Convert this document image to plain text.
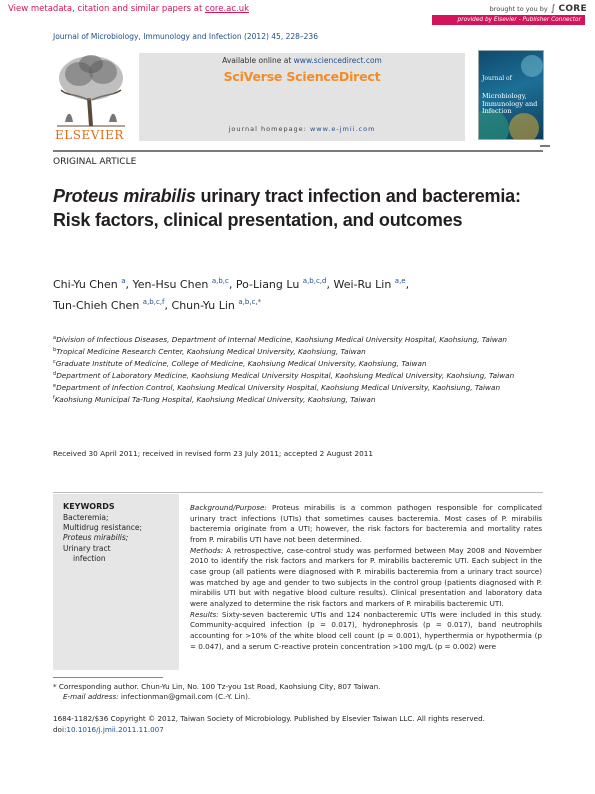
View metadata, citation and similar papers at core.ac.uk	brought to you by ∫ CORE
provided by Elsevier - Publisher Connector
Journal of Microbiology, Immunology and Infection (2012) 45, 228–236
ELSEVIER
Available online at www.sciencedirect.com
SciVerse ScienceDirect
journal homepage: www.e-jmii.com
Journal of
Microbiology, Immunology and Infection
ORIGINAL ARTICLE
Proteus mirabilis urinary tract infection and bacteremia: Risk factors, clinical presentation, and outcomes
Chi-Yu Chen $^a$, Yen-Hsu Chen $^{a,b,c}$, Po-Liang Lu $^{a,b,c,d}$, Wei-Ru Lin $^{a,e}$,
Tun-Chieh Chen $^{a,b,c,f}$, Chun-Yu Lin $^{a,b,c,*}$
$^a$Division of Infectious Diseases, Department of Internal Medicine, Kaohsiung Medical University Hospital, Kaohsiung, Taiwan
$^b$Tropical Medicine Research Center, Kaohsiung Medical University, Kaohsiung, Taiwan
$^c$Graduate Institute of Medicine, College of Medicine, Kaohsiung Medical University, Kaohsiung, Taiwan
$^d$Department of Laboratory Medicine, Kaohsiung Medical University Hospital, Kaohsiung Medical University, Kaohsiung, Taiwan
$^e$Department of Infection Control, Kaohsiung Medical University Hospital, Kaohsiung Medical University, Kaohsiung, Taiwan
$^f$Kaohsiung Municipal Ta-Tung Hospital, Kaohsiung Medical University, Kaohsiung, Taiwan
Received 30 April 2011; received in revised form 23 July 2011; accepted 2 August 2011
KEYWORDS
Bacteremia;
Multidrug resistance;
Proteus mirabilis;
Urinary tract
infection

Background/Purpose: Proteus mirabilis is a common pathogen responsible for complicated urinary tract infections (UTIs) that sometimes causes bacteremia. Most cases of P. mirabilis bacteremia originate from a UTI; however, the risk factors for bacteremia and mortality rates from P. mirabilis UTI have not been determined.

Methods: A retrospective, case-control study was performed between May 2008 and November 2010 to identify the risk factors and markers for P. mirabilis bacteremic UTI. Each subject in the case group (all patients were diagnosed with P. mirabilis bacteremia from a urinary tract source) was matched by age and gender to two subjects in the control group (patients diagnosed with P. mirabilis UTI but with negative blood culture results). Clinical presentation and laboratory data were analyzed to determine the risk factors and markers of P. mirabilis bacteremic UTI.

Results: Sixty-seven bacteremic UTIs and 124 nonbacteremic UTIs were included in this study. Community-acquired infection (p = 0.017), hydronephrosis (p = 0.017), band neutrophils accounting for >10% of the white blood cell count (p = 0.001), hyperthermia or hypothermia (p = 0.047), and a serum C-reactive protein concentration >100 mg/L (p = 0.002) were

* Corresponding author. Chun-Yu Lin, No. 100 Tz-you 1st Road, Kaohsiung City, 807 Taiwan.
E-mail address: infectionman@gmail.com (C.-Y. Lin).
1684-1182/$36 Copyright © 2012, Taiwan Society of Microbiology. Published by Elsevier Taiwan LLC. All rights reserved.
doi:10.1016/j.jmii.2011.11.007
